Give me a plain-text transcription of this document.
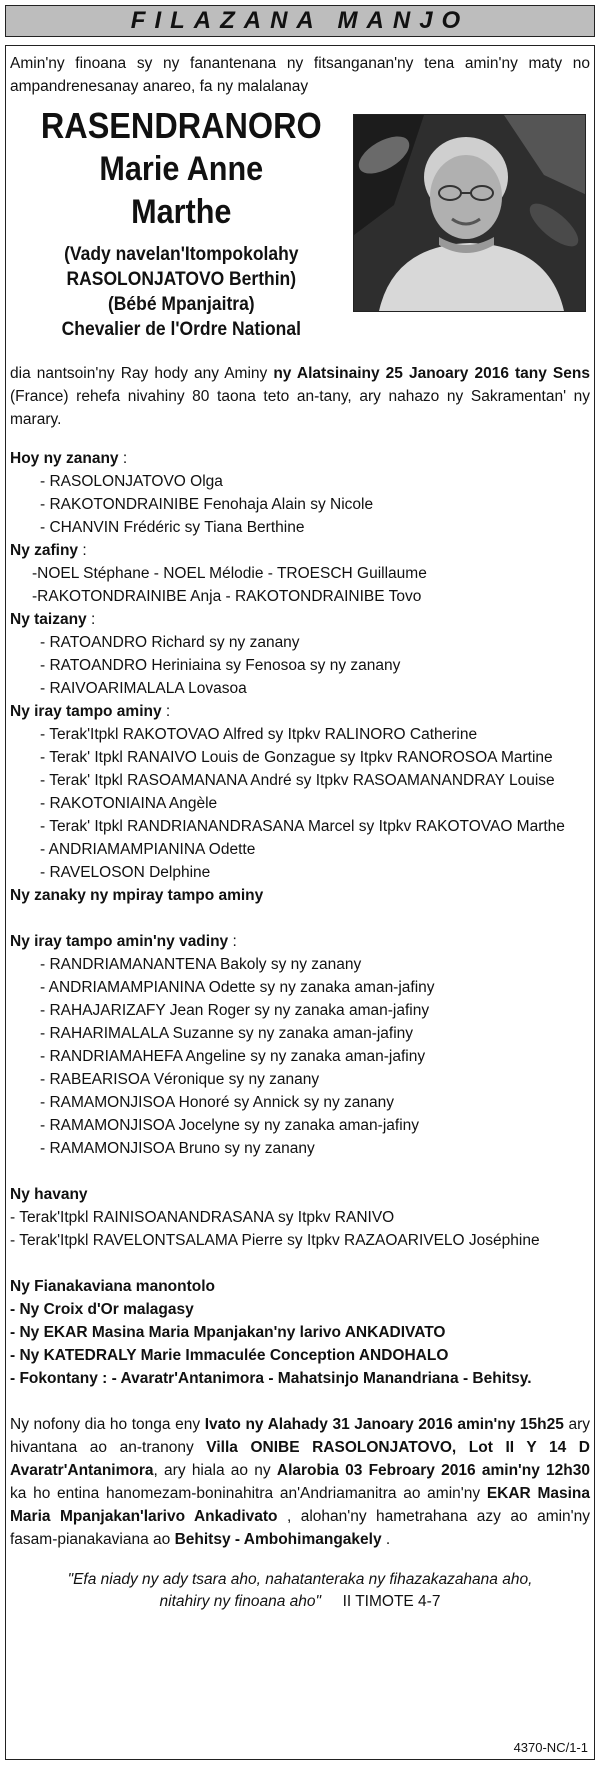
FILAZANA MANJO

Amin'ny finoana sy ny fanantenana ny fitsanganan'ny tena amin'ny maty no ampandrenesanay anareo, fa ny malalanay

RASENDRANORO
Marie Anne
Marthe
(Vady navelan'Itompokolahy
RASOLONJATOVO Berthin)
(Bébé Mpanjaitra)
Chevalier de l'Ordre National

dia nantsoin'ny Ray hody any Aminy ny Alatsinainy 25 Janoary 2016 tany Sens (France) rehefa nivahiny 80 taona teto an-tany, ary nahazo ny Sakramentan' ny marary.

Hoy ny zanany :

- RASOLONJATOVO Olga

- RAKOTONDRAINIBE Fenohaja Alain sy Nicole

- CHANVIN Frédéric sy Tiana Berthine

Ny zafiny :

-NOEL Stéphane - NOEL Mélodie - TROESCH Guillaume

-RAKOTONDRAINIBE Anja - RAKOTONDRAINIBE Tovo

Ny taizany :

- RATOANDRO Richard sy ny zanany

- RATOANDRO Heriniaina sy Fenosoa sy ny zanany

- RAIVOARIMALALA Lovasoa

Ny iray tampo aminy :

- Terak'Itpkl RAKOTOVAO Alfred sy Itpkv RALINORO Catherine

- Terak' Itpkl RANAIVO Louis de Gonzague sy Itpkv RANOROSOA Martine

- Terak' Itpkl RASOAMANANA André sy Itpkv RASOAMANANDRAY Louise

- RAKOTONIAINA Angèle

- Terak' Itpkl RANDRIANANDRASANA Marcel sy Itpkv RAKOTOVAO Marthe

- ANDRIAMAMPIANINA Odette

- RAVELOSON Delphine

Ny zanaky ny mpiray tampo aminy

Ny iray tampo amin'ny vadiny :

- RANDRIAMANANTENA Bakoly sy ny zanany

- ANDRIAMAMPIANINA Odette sy ny zanaka aman-jafiny

- RAHAJARIZAFY Jean Roger sy ny zanaka aman-jafiny

- RAHARIMALALA Suzanne sy ny zanaka aman-jafiny

- RANDRIAMAHEFA Angeline sy ny zanaka aman-jafiny

- RABEARISOA Véronique sy ny zanany

- RAMAMONJISOA Honoré sy Annick sy ny zanany

- RAMAMONJISOA Jocelyne sy ny zanaka aman-jafiny

- RAMAMONJISOA Bruno sy ny zanany

Ny havany

- Terak'Itpkl RAINISOANANDRASANA sy Itpkv RANIVO

- Terak'Itpkl RAVELONTSALAMA Pierre sy Itpkv RAZAOARIVELO Joséphine

Ny Fianakaviana manontolo

- Ny Croix d'Or malagasy

- Ny EKAR Masina Maria Mpanjakan'ny larivo ANKADIVATO

- Ny KATEDRALY Marie Immaculée Conception ANDOHALO

- Fokontany : - Avaratr'Antanimora - Mahatsinjo Manandriana - Behitsy.

Ny nofony dia ho tonga eny Ivato ny Alahady 31 Janoary 2016 amin'ny 15h25 ary hivantana ao an-tranony Villa ONIBE RASOLONJATOVO, Lot II Y 14 D Avaratr'Antanimora, ary hiala ao ny Alarobia 03 Febroary 2016 amin'ny 12h30 ka ho entina hanomezam-boninahitra an'Andriamanitra ao amin'ny EKAR Masina Maria Mpanjakan'larivo Ankadivato , alohan'ny hametrahana azy ao amin'ny fasam-pianakaviana ao Behitsy - Ambohimangakely .

"Efa niady ny ady tsara aho, nahatanteraka ny fihazakazahana aho,
nitahiry ny finoana aho" II TIMOTE 4-7
4370-NC/1-1
